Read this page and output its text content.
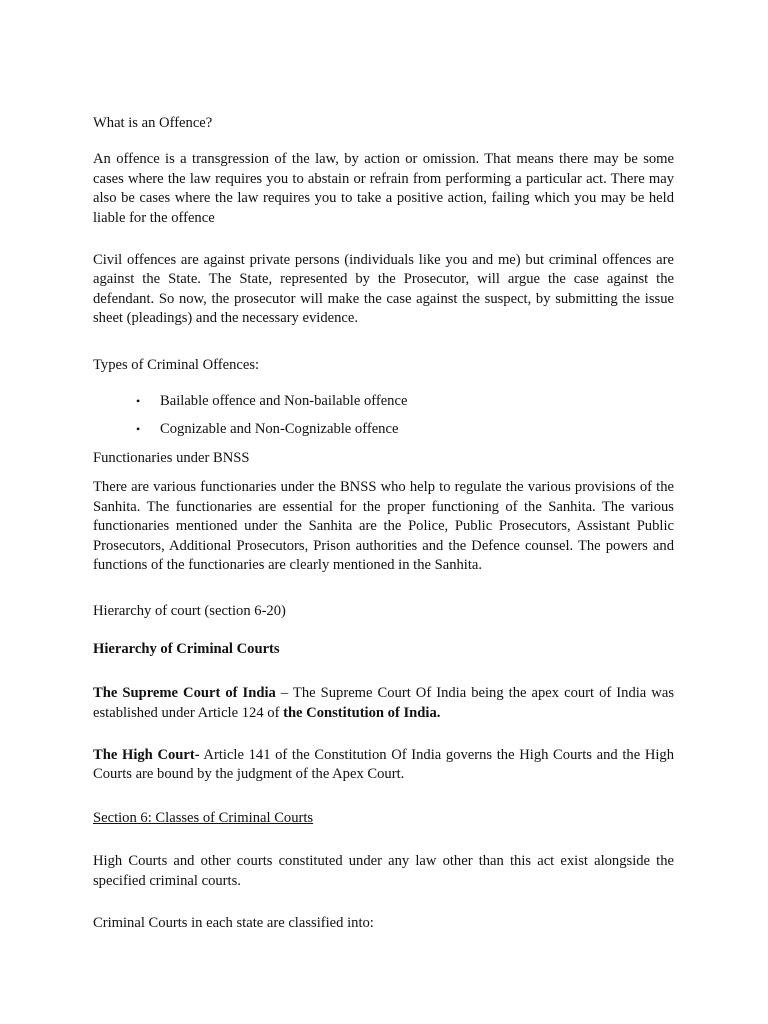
What is an Offence?

An offence is a transgression of the law, by action or omission. That means there may be some cases where the law requires you to abstain or refrain from performing a particular act. There may also be cases where the law requires you to take a positive action, failing which you may be held liable for the offence

Civil offences are against private persons (individuals like you and me) but criminal offences are against the State. The State, represented by the Prosecutor, will argue the case against the defendant. So now, the prosecutor will make the case against the suspect, by submitting the issue sheet (pleadings) and the necessary evidence.

Types of Criminal Offences:
• Bailable offence and Non-bailable offence
• Cognizable and Non-Cognizable offence
Functionaries under BNSS

There are various functionaries under the BNSS who help to regulate the various provisions of the Sanhita. The functionaries are essential for the proper functioning of the Sanhita. The various functionaries mentioned under the Sanhita are the Police, Public Prosecutors, Assistant Public Prosecutors, Additional Prosecutors, Prison authorities and the Defence counsel. The powers and functions of the functionaries are clearly mentioned in the Sanhita.

Hierarchy of court (section 6-20)
Hierarchy of Criminal Courts

The Supreme Court of India – The Supreme Court Of India being the apex court of India was established under Article 124 of the Constitution of India.

The High Court- Article 141 of the Constitution Of India governs the High Courts and the High Courts are bound by the judgment of the Apex Court.

Section 6: Classes of Criminal Courts

High Courts and other courts constituted under any law other than this act exist alongside the specified criminal courts.

Criminal Courts in each state are classified into:
